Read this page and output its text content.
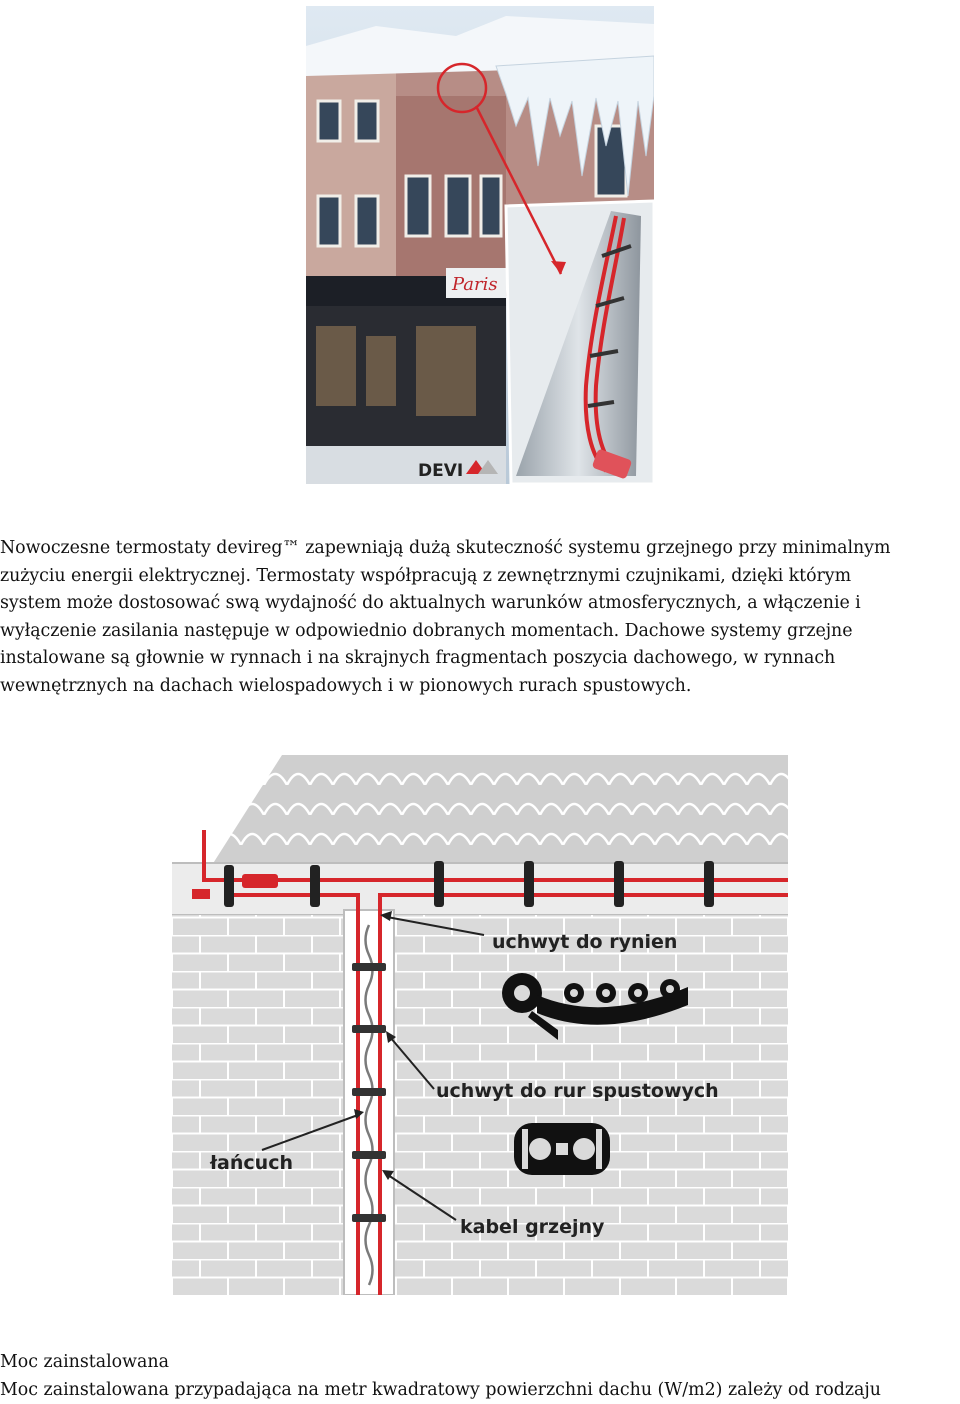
Paris
DEVI

Nowoczesne termostaty devireg™ zapewniają dużą skuteczność systemu grzejnego przy minimalnym
zużyciu energii elektrycznej. Termostaty współpracują z zewnętrznymi czujnikami, dzięki którym
system może dostosować swą wydajność do aktualnych warunków atmosferycznych, a włączenie i
wyłączenie zasilania następuje w odpowiednio dobranych momentach. Dachowe systemy grzejne
instalowane są głownie w rynnach i na skrajnych fragmentach poszycia dachowego, w rynnach
wewnętrznych na dachach wielospadowych i w pionowych rurach spustowych.

uchwyt do rynien
uchwyt do rur spustowych
łańcuch
kabel grzejny
Moc zainstalowana
Moc zainstalowana przypadająca na metr kwadratowy powierzchni dachu (W/m2) zależy od rodzaju
